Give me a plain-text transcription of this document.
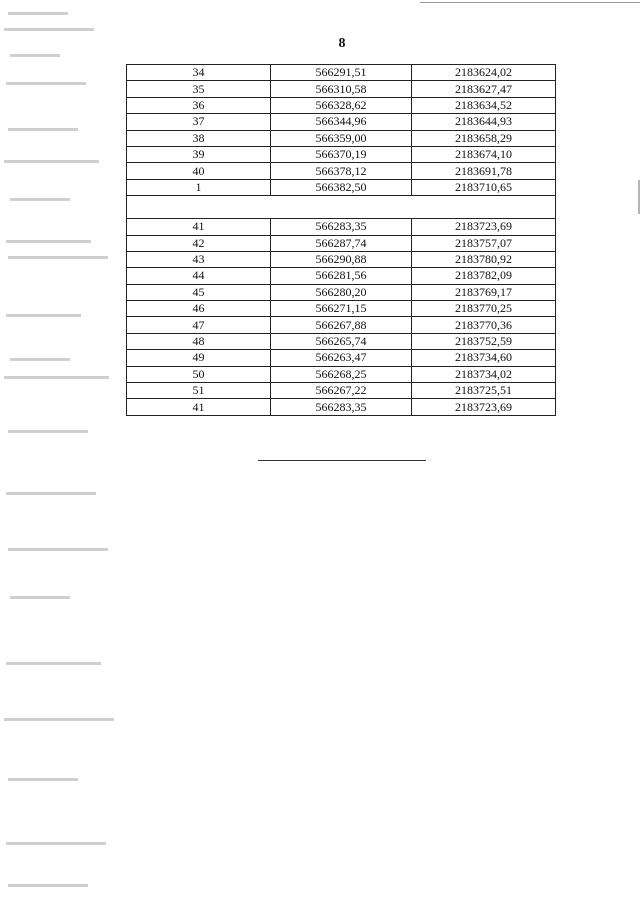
8
34	566291,51	2183624,02
35	566310,58	2183627,47
36	566328,62	2183634,52
37	566344,96	2183644,93
38	566359,00	2183658,29
39	566370,19	2183674,10
40	566378,12	2183691,78
1	566382,50	2183710,65

41	566283,35	2183723,69
42	566287,74	2183757,07
43	566290,88	2183780,92
44	566281,56	2183782,09
45	566280,20	2183769,17
46	566271,15	2183770,25
47	566267,88	2183770,36
48	566265,74	2183752,59
49	566263,47	2183734,60
50	566268,25	2183734,02
51	566267,22	2183725,51
41	566283,35	2183723,69
